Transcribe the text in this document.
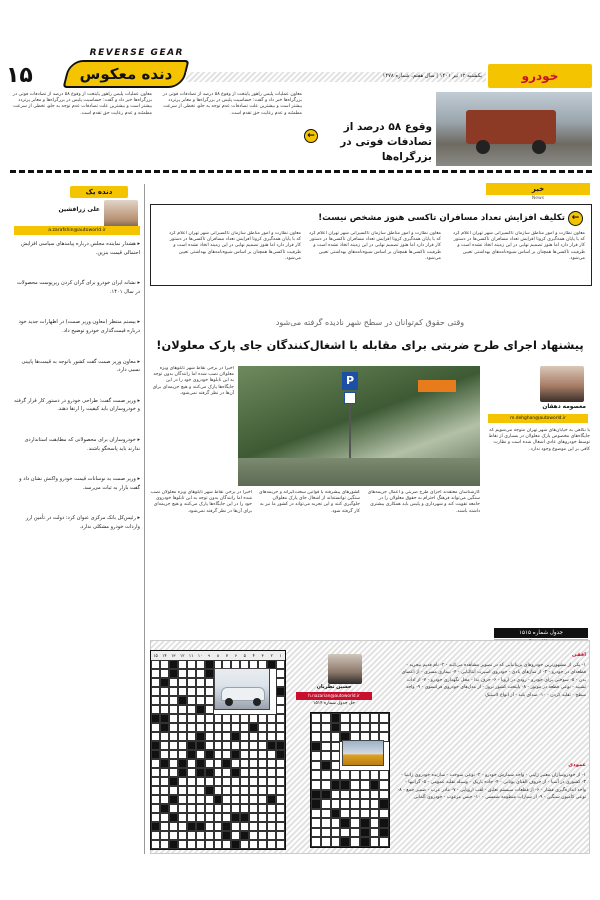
۱۵
REVERSE GEAR
دنده معکوس	یکشنبه ۱۲ تیر ۱۴۰۱ | سال هفتم، شماره ۱۴۷۸	خودرو
معاون عملیات پلیس راهور پایتخت از وقوع ۵۸ درصد از تصادفات فوتی در بزرگراه‌ها خبر داد و گفت: حساسیت پلیس در بزرگراه‌ها و معابر پرتردد بیشتر است و بیشترین علت تصادفات عدم توجه به جلو، تخطی از سرعت مطمئنه و عدم رعایت حق تقدم است.
معاون عملیات پلیس راهور پایتخت از وقوع ۵۸ درصد از تصادفات فوتی در بزرگراه‌ها خبر داد و گفت: حساسیت پلیس در بزرگراه‌ها و معابر پرتردد بیشتر است و بیشترین علت تصادفات عدم توجه به جلو، تخطی از سرعت مطمئنه و عدم رعایت حق تقدم است.
←
وقوع ۵۸ درصد از
تصادفات فوتی در بزرگراه‌ها
خبر
News
←
تکلیف افزایش تعداد مسافران تاکسی هنوز مشخص نیست!
معاون نظارت و امور مناطق سازمان تاکسیرانی شهر تهران اعلام کرد که با پایان همه‌گیری کرونا افزایش تعداد مسافران تاکسی‌ها در دستور کار قرار دارد اما هنوز تصمیم نهایی در این زمینه اتخاذ نشده است و ظرفیت تاکسی‌ها همچنان بر اساس شیوه‌نامه‌های بهداشتی تعیین می‌شود.
معاون نظارت و امور مناطق سازمان تاکسیرانی شهر تهران اعلام کرد که با پایان همه‌گیری کرونا افزایش تعداد مسافران تاکسی‌ها در دستور کار قرار دارد اما هنوز تصمیم نهایی در این زمینه اتخاذ نشده است و ظرفیت تاکسی‌ها همچنان بر اساس شیوه‌نامه‌های بهداشتی تعیین می‌شود.
معاون نظارت و امور مناطق سازمان تاکسیرانی شهر تهران اعلام کرد که با پایان همه‌گیری کرونا افزایش تعداد مسافران تاکسی‌ها در دستور کار قرار دارد اما هنوز تصمیم نهایی در این زمینه اتخاذ نشده است و ظرفیت تاکسی‌ها همچنان بر اساس شیوه‌نامه‌های بهداشتی تعیین می‌شود.
دنده یک
علی زرافشین
a.zarafshin@autoworld.ir
▸ هشدار نماینده مجلس درباره پیامدهای سیاسی افزایش احتمالی قیمت بنزین.
▸ نشانه ایران خودرو برای گران کردن زیرپوست محصولات در سال ۱۴۰۱.
▸ بیستم منتظر (معاون وزیر صمت) در اظهارات جدید خود درباره قیمت‌گذاری خودرو توضیح داد.
▸ معاون وزیر صمت گفت کشور باتوجه به قیمت‌ها پایینی نسبی دارد.
▸ وزیر صمت گفت: طراحی خودرو در دستور کار قرار گرفته و خودروسازان باید کیفیت را ارتقا دهند.
▸ خودروسازان برای محصولاتی که مطابقت استانداردی ندارند باید پاسخگو باشند.
▸ وزیر صمت به نوسانات قیمت خودرو واکنش نشان داد و گفت بازار به ثبات می‌رسد.
▸ رئیس‌کل بانک مرکزی عنوان کرد: دولت در تأمین ارز واردات خودرو مشکلی ندارد.
وقتی حقوق کم‌توانان در سطح شهر نادیده گرفته می‌شود
پیشنهاد اجرای طرح ضربتی برای مقابله با اشغال‌کنندگان جای پارک معلولان!
معصومه دهقان
m.dehghan@autoworld.ir
با نگاهی به خیابان‌های شهر تهران متوجه می‌شویم که جایگاه‌های مخصوص پارک معلولان در بسیاری از نقاط توسط خودروهای عادی اشغال شده است و نظارت کافی بر این موضوع وجود ندارد.
P
اخیراً در برخی نقاط شهر تابلوهای ویژه معلولان نصب شده اما رانندگان بدون توجه به این تابلوها خودروی خود را در این جایگاه‌ها پارک می‌کنند و هیچ جریمه‌ای برای آن‌ها در نظر گرفته نمی‌شود.
کارشناسان معتقدند اجرای طرح ضربتی و اعمال جریمه‌های سنگین می‌تواند فرهنگ احترام به حقوق معلولان را در جامعه تقویت کند و شهرداری و پلیس باید همکاری بیشتری داشته باشند.
کشورهای پیشرفته با قوانین سخت‌گیرانه و جریمه‌های سنگین توانسته‌اند از اشغال جای پارک معلولان جلوگیری کنند و این تجربه می‌تواند در کشور ما نیز به کار گرفته شود.
اخیراً در برخی نقاط شهر تابلوهای ویژه معلولان نصب شده اما رانندگان بدون توجه به این تابلوها خودروی خود را در این جایگاه‌ها پارک می‌کنند و هیچ جریمه‌ای برای آن‌ها در نظر گرفته نمی‌شود.
جدول شماره ۱۵۱۵
۱
۲
۳
۴
۵
۶
۷
۸
۹
۱۰
۱۱
۱۲
۱۳
۱۴
۱۵
حسین نظریان
h.nazarian@autoworld.ir
حل جدول شماره ۱۵۱۴
افقی
۱- یکی از مشهورترین خودروهای بریتانیایی که در تصویر مشاهده می‌کنید - ۲- نام قدیم نیجریه - قطعه‌ای در خودرو - ۳- از سازهای بادی - خودروی اسپرت ایتالیایی - ۴- بیماری مسری - از اعضای بدن - ۵- سوختی برای خودرو - رودی در اروپا - ۶- حرف ندا - محل نگهداری خودرو - ۷- از ادات تشبیه - نوعی قطعه در موتور - ۸- پایتخت کشور نروژ - از مدل‌های خودروی فرانسوی - ۹- واحد سطح - تقلید کردن - ۱۰- صدای بلند - از انواع لاستیک
عمودی
۱- از خودروسازان معتبر ژاپنی - واحد شمارش خودرو - ۲- نوعی سوخت - سازنده خودروی زانتیا - ۳- کشوری در آسیا - از حروف الفبای یونانی - ۴- جاده باریک - وسیله نقلیه عمومی - ۵- گرانبها - واحد اندازه‌گیری فشار - ۶- از قطعات سیستم تعلیق - لقب اروپایی - ۷- مادر عرب - ضمیر جمع - ۸- نوعی کامیون سنگین - ۹- از سیارات منظومه شمسی - ۱۰- جنس مرغوب - خودروی آلمانی
